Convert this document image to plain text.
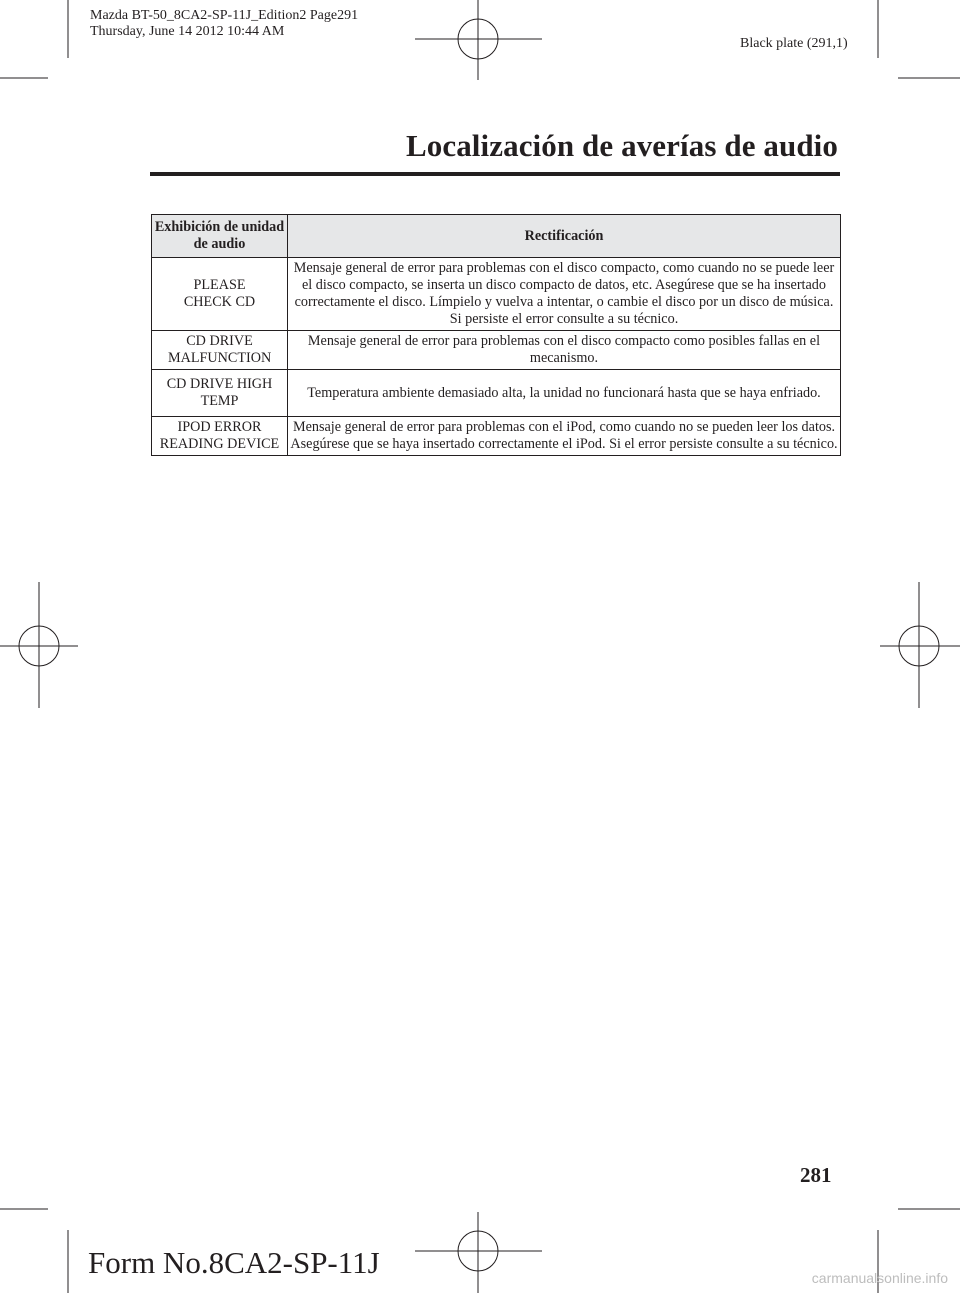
Mazda BT-50_8CA2-SP-11J_Edition2 Page291
Thursday, June 14 2012 10:44 AM
Black plate (291,1)
Localización de averías de audio
Exhibición de unidad de audio	Rectificación
PLEASE CHECK CD	Mensaje general de error para problemas con el disco compacto, como cuando no se puede leer el disco compacto, se inserta un disco compacto de datos, etc. Asegúrese que se ha insertado correctamente el disco. Límpielo y vuelva a intentar, o cambie el disco por un disco de música. Si persiste el error consulte a su técnico.
CD DRIVE MALFUNCTION	Mensaje general de error para problemas con el disco compacto como posibles fallas en el mecanismo.
CD DRIVE HIGH TEMP	Temperatura ambiente demasiado alta, la unidad no funcionará hasta que se haya enfriado.
IPOD ERROR READING DEVICE	Mensaje general de error para problemas con el iPod, como cuando no se pueden leer los datos. Asegúrese que se haya insertado correctamente el iPod. Si el error persiste consulte a su técnico.
281
Form No.8CA2-SP-11J	carmanualsonline.info
